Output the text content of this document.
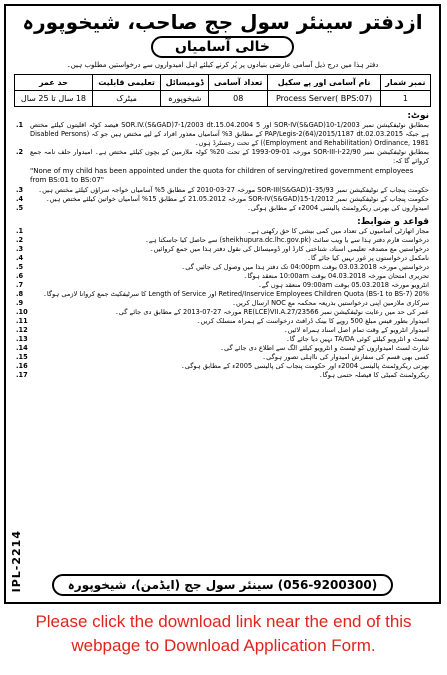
ازدفتر سینئر سول جج صاحب، شیخوپورہ
خالی آسامیاں
دفتر ہذا میں درج ذیل آسامی عارضی بنیادوں پر پُر کرنے کیلئے اہل امیدواروں سے درخواستیں مطلوب ہیں۔
نمبر شمار	نام آسامی اور پے سکیل	تعداد آسامی	ڈومیسائل	تعلیمی قابلیت	حد عمر
1	Process Server( BPS:07)	08	شیخوپورہ	میٹرک	18 سال تا 25 سال
نوٹ:
بمطابق نوٹیفکیشن نمبر SOR-IV(S&GAD)10-1/2003 اور SOR.IV.(S&GAD)7-1/2003 dt.15.04.2004 5 فیصد کوٹہ اقلیتوں کیلئے مختص ہے جبکہ PAP/Legis-2(64)/2015/1187 dt.02.03.2015 کے مطابق 3% آسامیاں معذور افراد کے لیے مختص ہیں جو کہ (Disabled Persons (Employment and Rehabilitation) Ordinance, 1981) کے تحت رجسٹرڈ ہوں۔
1.
بمطابق نوٹیفکیشن نمبر SOR-III-I-22/90 مورخہ 01-09-1993 کے تحت 20% کوٹہ ملازمین کے بچوں کیلئے مختص ہے۔ امیدوار حلف نامہ جمع کروائے گا کہ:
2.
"None of my child has been appointed under the quota for children of serving/retired government employees from BS:01 to BS:07"
حکومت پنجاب کے نوٹیفکیشن نمبر SOR-III(S&GAD)1-35/93 مورخہ 27-03-2010 کے مطابق 5% آسامیاں خواجہ سراؤں کیلئے مختص ہیں۔
3.
حکومت پنجاب کے نوٹیفکیشن نمبر SOR-IV(S&GAD)15-1/2012 مورخہ 21.05.2012 کے مطابق 15% آسامیاں خواتین کیلئے مختص ہیں۔
4.
امیدواروں کی بھرتی ریکروٹمنٹ پالیسی 2004ء کے مطابق ہوگی۔
5.
قواعد و ضوابط:
مجاز اتھارٹی آسامیوں کی تعداد میں کمی بیشی کا حق رکھتی ہے۔
1.
درخواست فارم دفتر ہذا سے یا ویب سائٹ (sheikhupura.dc.lhc.gov.pk) سے حاصل کیا جاسکتا ہے۔
2.
درخواستیں مع مصدقہ تعلیمی اسناد، شناختی کارڈ اور ڈومیسائل کی نقول دفتر ہذا میں جمع کروائیں۔
3.
نامکمل درخواستوں پر غور نہیں کیا جائے گا۔
4.
درخواستیں مورخہ 03.03.2018 بوقت 04:00pm تک دفتر ہذا میں وصول کی جائیں گی۔
5.
تحریری امتحان مورخہ 04.03.2018 بوقت 10:00am منعقد ہوگا۔
6.
انٹرویو مورخہ 05.03.2018 بوقت 09:00am منعقد ہوں گے۔
7.
Retired/Inservice Employees Children Quota (BS-1 to BS-7) 20% اور Length of Service کا سرٹیفکیٹ جمع کروانا لازمی ہوگا۔
8.
سرکاری ملازمین اپنی درخواستیں بذریعہ محکمہ مع NOC ارسال کریں۔
9.
عمر کی حد میں رعایت نوٹیفکیشن نمبر 23566/RE(LCE)VII.A.27 مورخہ 27-07-2013 کے مطابق دی جائے گی۔
10.
امیدوار بطور فیس مبلغ 500 روپے کا بینک ڈرافٹ درخواست کے ہمراہ منسلک کریں۔
11.
امیدوار انٹرویو کے وقت تمام اصل اسناد ہمراہ لائیں۔
12.
ٹیسٹ و انٹرویو کیلئے کوئی TA/DA نہیں دیا جائے گا۔
13.
شارٹ لسٹ امیدواروں کو ٹیسٹ و انٹرویو کیلئے الگ سے اطلاع دی جائے گی۔
14.
کسی بھی قسم کی سفارش امیدوار کی نااہلی تصور ہوگی۔
15.
بھرتی ریکروٹمنٹ پالیسی 2004ء اور حکومت پنجاب کی پالیسی 2005ء کے مطابق ہوگی۔
16.
ریکروٹمنٹ کمیٹی کا فیصلہ حتمی ہوگا۔
17.
IPL-2214	(056-9200300) سینئر سول جج (ایڈمن)، شیخوپورہ
Please click the download link near the end of this
webpage to Download Application Form.
